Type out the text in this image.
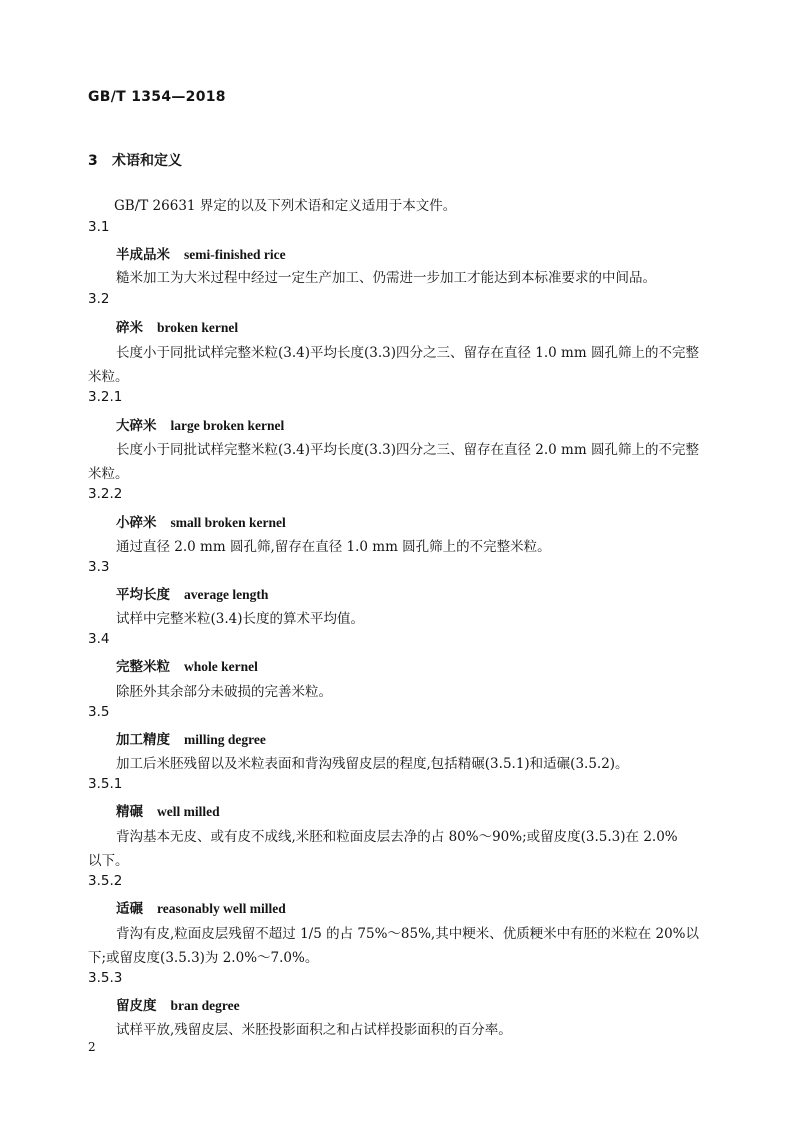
GB/T 1354—2018
3 术语和定义
GB/T 26631 界定的以及下列术语和定义适用于本文件。
3.1
半成品米 semi-finished rice
糙米加工为大米过程中经过一定生产加工、仍需进一步加工才能达到本标准要求的中间品。
3.2
碎米 broken kernel
长度小于同批试样完整米粒(3.4)平均长度(3.3)四分之三、留存在直径 1.0 mm 圆孔筛上的不完整
米粒。
3.2.1
大碎米 large broken kernel
长度小于同批试样完整米粒(3.4)平均长度(3.3)四分之三、留存在直径 2.0 mm 圆孔筛上的不完整
米粒。
3.2.2
小碎米 small broken kernel
通过直径 2.0 mm 圆孔筛,留存在直径 1.0 mm 圆孔筛上的不完整米粒。
3.3
平均长度 average length
试样中完整米粒(3.4)长度的算术平均值。
3.4
完整米粒 whole kernel
除胚外其余部分未破损的完善米粒。
3.5
加工精度 milling degree
加工后米胚残留以及米粒表面和背沟残留皮层的程度,包括精碾(3.5.1)和适碾(3.5.2)。
3.5.1
精碾 well milled
背沟基本无皮、或有皮不成线,米胚和粒面皮层去净的占 80%～90%;或留皮度(3.5.3)在 2.0%
以下。
3.5.2
适碾 reasonably well milled
背沟有皮,粒面皮层残留不超过 1/5 的占 75%～85%,其中粳米、优质粳米中有胚的米粒在 20%以
下;或留皮度(3.5.3)为 2.0%～7.0%。
3.5.3
留皮度 bran degree
试样平放,残留皮层、米胚投影面积之和占试样投影面积的百分率。
2
